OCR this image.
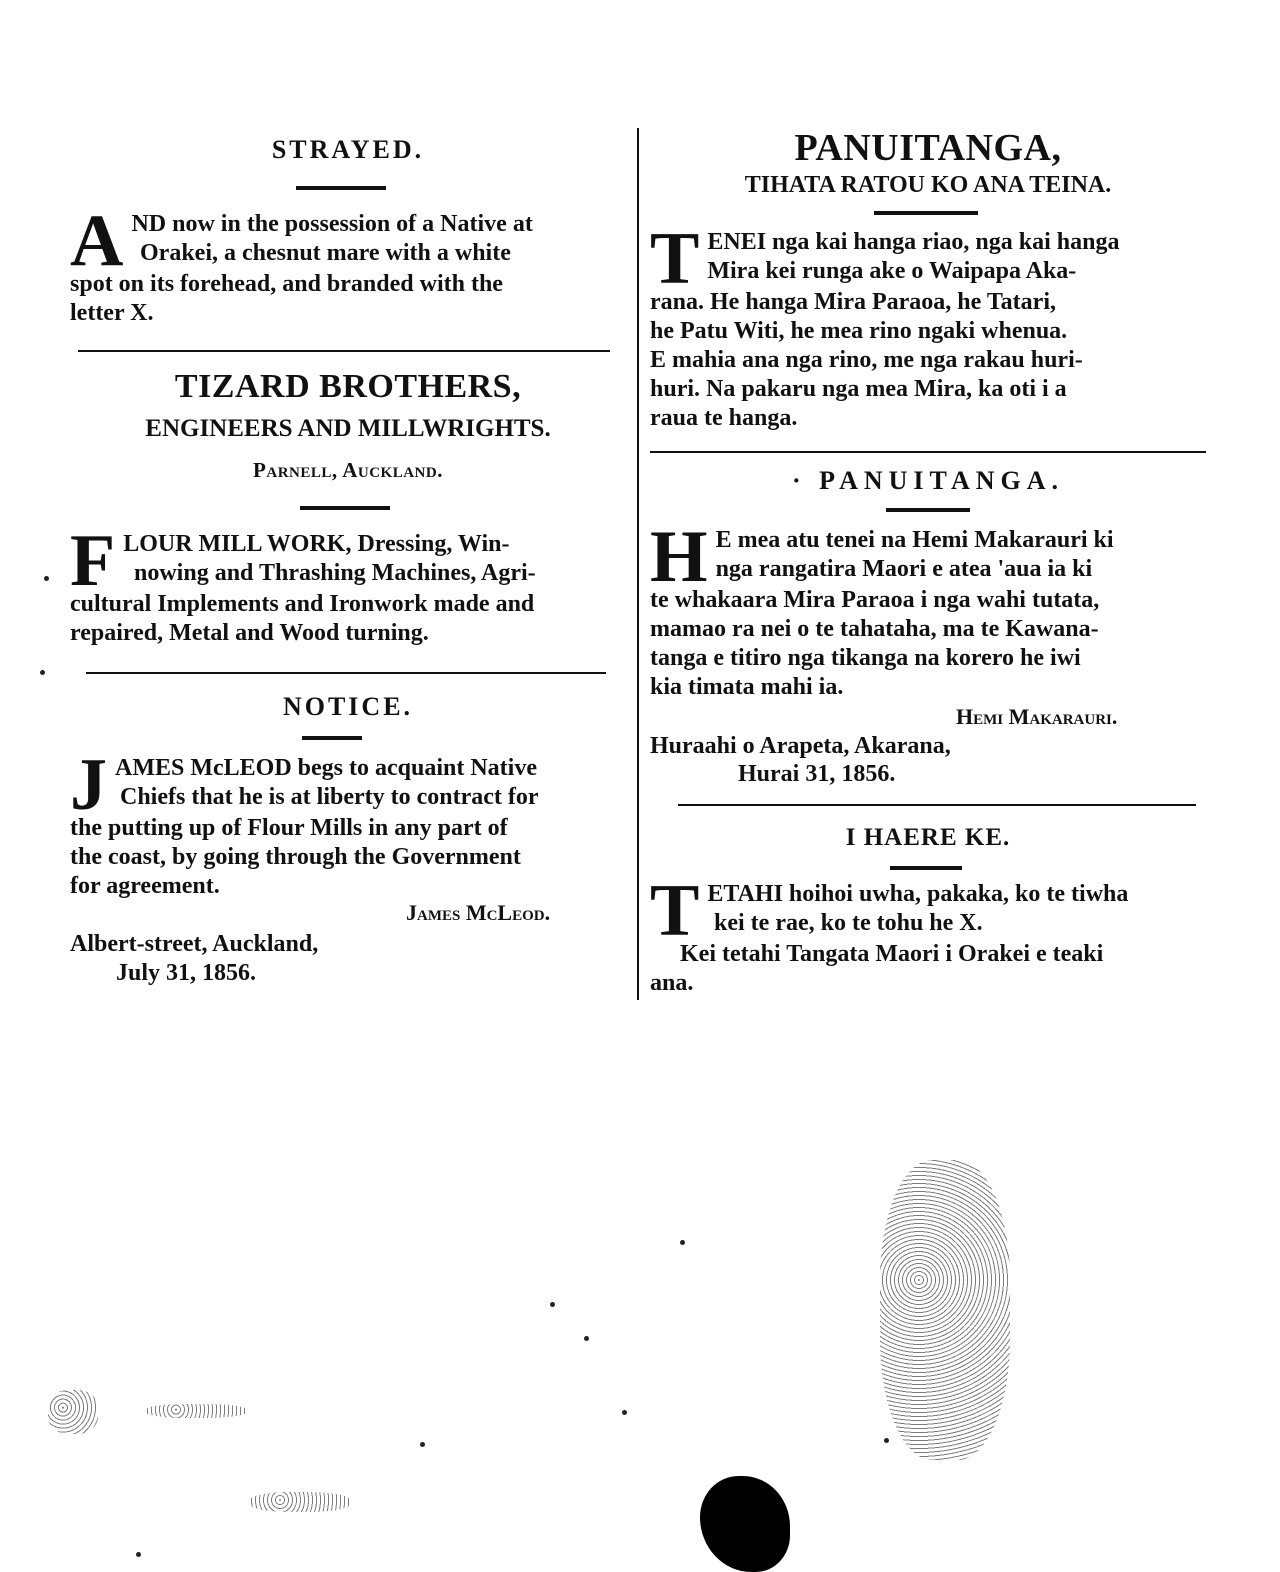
STRAYED.
A ND now in the possession of a Native at
Orakei, a chesnut mare with a white
spot on its forehead, and branded with the
letter X.
TIZARD BROTHERS,
ENGINEERS AND MILLWRIGHTS.
Parnell, Auckland.
F LOUR MILL WORK, Dressing, Win-
nowing and Thrashing Machines, Agri-
cultural Implements and Ironwork made and
repaired, Metal and Wood turning.
NOTICE.
J AMES McLEOD begs to acquaint Native
Chiefs that he is at liberty to contract for
the putting up of Flour Mills in any part of
the coast, by going through the Government
for agreement.
James McLeod.
Albert-street, Auckland,
July 31, 1856.
PANUITANGA,
TIHATA RATOU KO ANA TEINA.
T ENEI nga kai hanga riao, nga kai hanga
Mira kei runga ake o Waipapa Aka-
rana. He hanga Mira Paraoa, he Tatari,
he Patu Witi, he mea rino ngaki whenua.
E mahia ana nga rino, me nga rakau huri-
huri. Na pakaru nga mea Mira, ka oti i a
raua te hanga.
· PANUITANGA.
H E mea atu tenei na Hemi Makarauri ki
nga rangatira Maori e atea 'aua ia ki
te whakaara Mira Paraoa i nga wahi tutata,
mamao ra nei o te tahataha, ma te Kawana-
tanga e titiro nga tikanga na korero he iwi
kia timata mahi ia.
Hemi Makarauri.
Huraahi o Arapeta, Akarana,
Hurai 31, 1856.
I HAERE KE.
T ETAHI hoihoi uwha, pakaka, ko te tiwha
kei te rae, ko te tohu he X.
Kei tetahi Tangata Maori i Orakei e teaki
ana.
